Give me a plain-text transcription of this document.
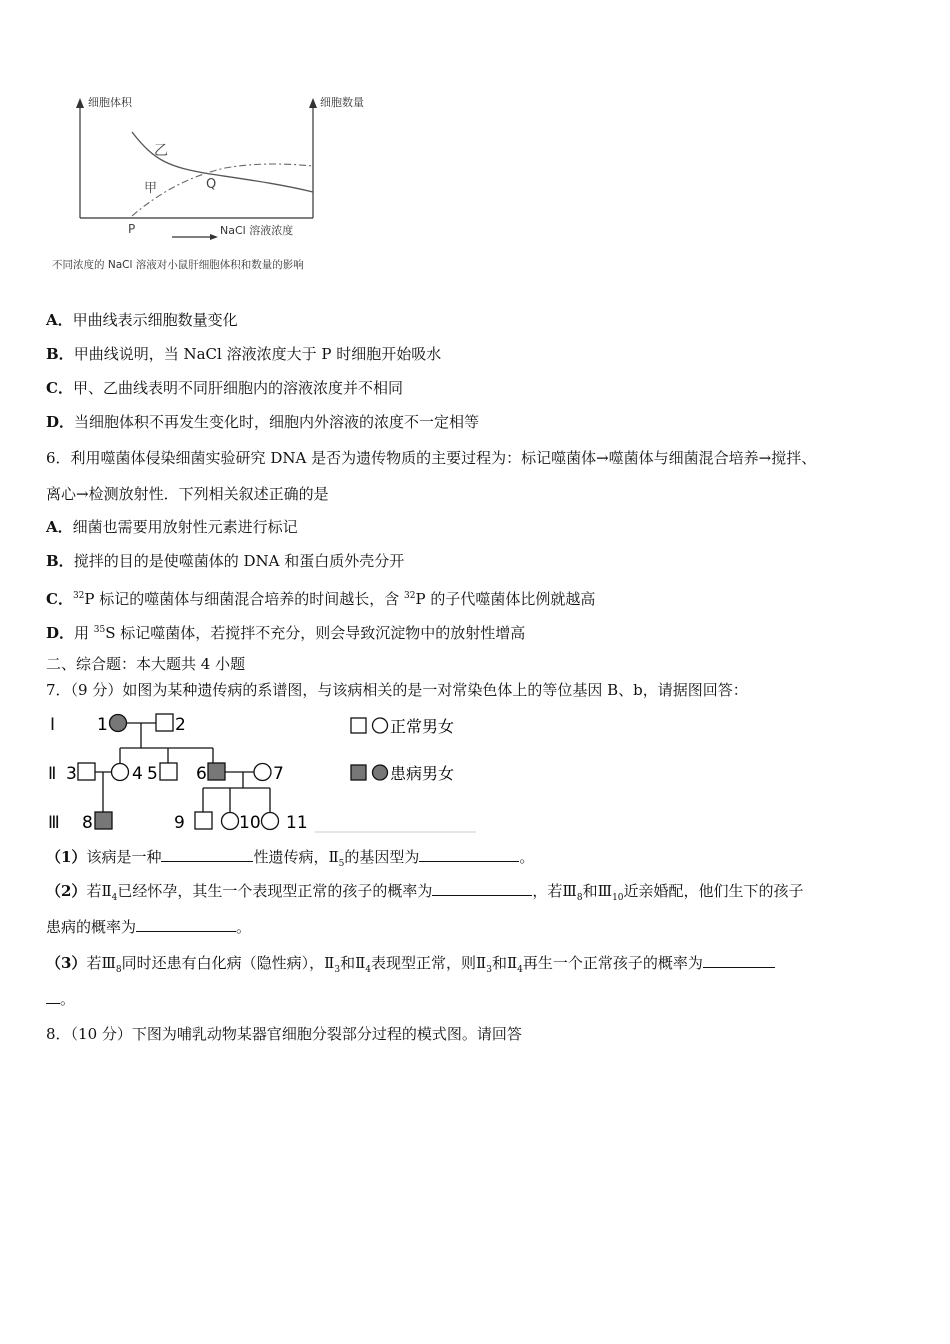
细胞体积	细胞数量
乙
甲	Q
P	NaCl 溶液浓度
不同浓度的 NaCl 溶液对小鼠肝细胞体积和数量的影响
A．甲曲线表示细胞数量变化
B．甲曲线说明，当 NaCl 溶液浓度大于 P 时细胞开始吸水
C．甲、乙曲线表明不同肝细胞内的溶液浓度并不相同
D．当细胞体积不再发生变化时，细胞内外溶液的浓度不一定相等
6．利用噬菌体侵染细菌实验研究 DNA 是否为遗传物质的主要过程为：标记噬菌体→噬菌体与细菌混合培养→搅拌、
离心→检测放射性．下列相关叙述正确的是
A．细菌也需要用放射性元素进行标记
B．搅拌的目的是使噬菌体的 DNA 和蛋白质外壳分开
C．$^{32}$P 标记的噬菌体与细菌混合培养的时间越长，含 $^{32}$P 的子代噬菌体比例就越高
D．用 $^{35}$S 标记噬菌体，若搅拌不充分，则会导致沉淀物中的放射性增高
二、综合题：本大题共 4 小题
7．（9 分）如图为某种遗传病的系谱图，与该病相关的是一对常染色体上的等位基因 B、b，请据图回答：
Ⅰ
Ⅱ
Ⅲ
1	2
3	4 5 6	7
8	9	10 11
正常男女
患病男女
（1）该病是一种	性遗传病，$Ⅱ_5$的基因型为	。
（2）若$Ⅱ_4$已经怀孕，其生一个表现型正常的孩子的概率为	，若$Ⅲ_8$和$Ⅲ_{10}$近亲婚配，他们生下的孩子
患病的概率为	。
（3）若$Ⅲ_8$同时还患有白化病（隐性病），$Ⅱ_3$和$Ⅱ_4$表现型正常，则$Ⅱ_3$和$Ⅱ_4$再生一个正常孩子的概率为
。
8．（10 分）下图为哺乳动物某器官细胞分裂部分过程的模式图。请回答
